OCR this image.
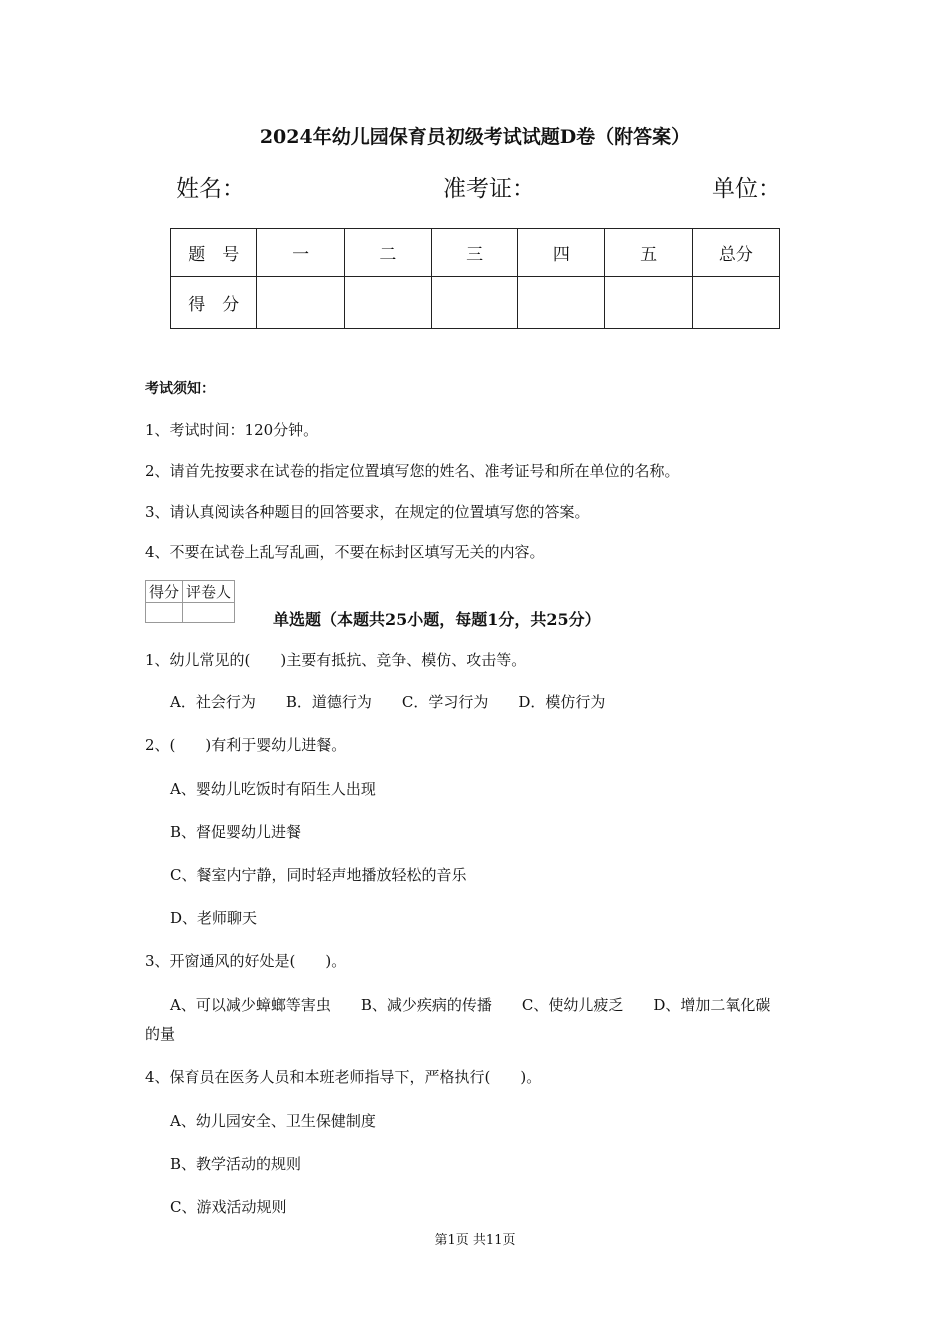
2024年幼儿园保育员初级考试试题D卷（附答案）
姓名：	准考证：	单位：
题　号	一	二	三	四	五	总分
得　分						
考试须知：
1、考试时间：120分钟。
2、请首先按要求在试卷的指定位置填写您的姓名、准考证号和所在单位的名称。
3、请认真阅读各种题目的回答要求，在规定的位置填写您的答案。
4、不要在试卷上乱写乱画，不要在标封区填写无关的内容。
得分	评卷人

单选题（本题共25小题，每题1分，共25分）
1、幼儿常见的(　　)主要有抵抗、竞争、模仿、攻击等。
A．社会行为　　B．道德行为　　C．学习行为　　D．模仿行为
2、(　　)有利于婴幼儿进餐。
A、婴幼儿吃饭时有陌生人出现
B、督促婴幼儿进餐
C、餐室内宁静，同时轻声地播放轻松的音乐
D、老师聊天
3、开窗通风的好处是(　　)。
A、可以减少蟑螂等害虫　　B、减少疾病的传播　　C、使幼儿疲乏　　D、增加二氧化碳
的量
4、保育员在医务人员和本班老师指导下，严格执行(　　)。
A、幼儿园安全、卫生保健制度
B、教学活动的规则
C、游戏活动规则
第1页 共11页
